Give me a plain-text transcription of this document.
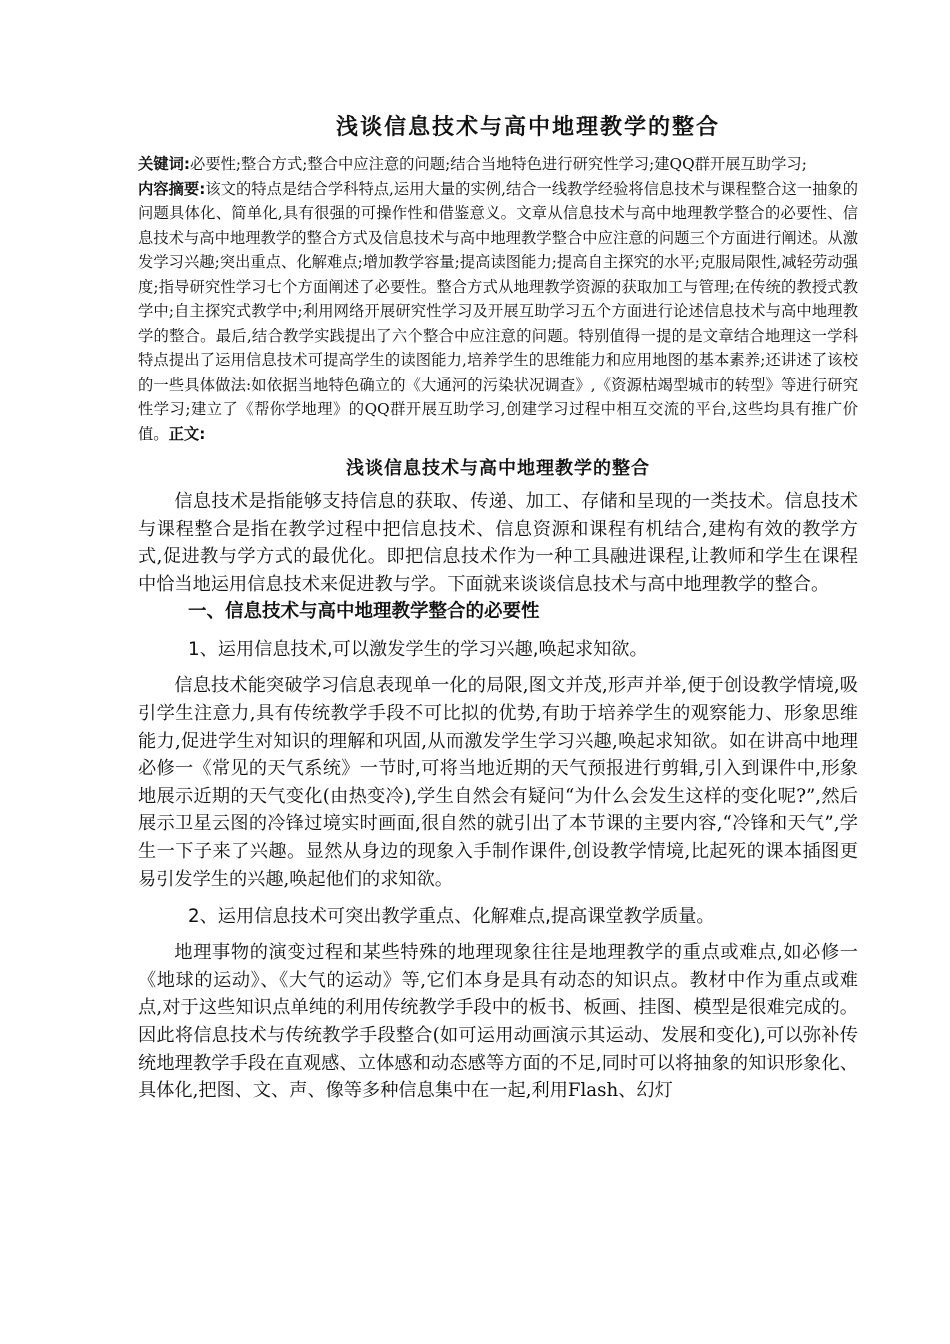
浅谈信息技术与高中地理教学的整合

关键词:必要性;整合方式;整合中应注意的问题;结合当地特色进行研究性学习;建QQ群开展互助学习;

内容摘要:该文的特点是结合学科特点,运用大量的实例,结合一线教学经验将信息技术与课程整合这一抽象的问题具体化、简单化,具有很强的可操作性和借鉴意义。文章从信息技术与高中地理教学整合的必要性、信息技术与高中地理教学的整合方式及信息技术与高中地理教学整合中应注意的问题三个方面进行阐述。从激发学习兴趣;突出重点、化解难点;增加教学容量;提高读图能力;提高自主探究的水平;克服局限性,减轻劳动强度;指导研究性学习七个方面阐述了必要性。整合方式从地理教学资源的获取加工与管理;在传统的教授式教学中;自主探究式教学中;利用网络开展研究性学习及开展互助学习五个方面进行论述信息技术与高中地理教学的整合。最后,结合教学实践提出了六个整合中应注意的问题。特别值得一提的是文章结合地理这一学科特点提出了运用信息技术可提高学生的读图能力,培养学生的思维能力和应用地图的基本素养;还讲述了该校的一些具体做法:如依据当地特色确立的《大通河的污染状况调查》,《资源枯竭型城市的转型》等进行研究性学习;建立了《帮你学地理》的QQ群开展互助学习,创建学习过程中相互交流的平台,这些均具有推广价值。正文:

浅谈信息技术与高中地理教学的整合

信息技术是指能够支持信息的获取、传递、加工、存储和呈现的一类技术。信息技术与课程整合是指在教学过程中把信息技术、信息资源和课程有机结合,建构有效的教学方式,促进教与学方式的最优化。即把信息技术作为一种工具融进课程,让教师和学生在课程中恰当地运用信息技术来促进教与学。下面就来谈谈信息技术与高中地理教学的整合。

一、信息技术与高中地理教学整合的必要性

1、运用信息技术,可以激发学生的学习兴趣,唤起求知欲。

信息技术能突破学习信息表现单一化的局限,图文并茂,形声并举,便于创设教学情境,吸引学生注意力,具有传统教学手段不可比拟的优势,有助于培养学生的观察能力、形象思维能力,促进学生对知识的理解和巩固,从而激发学生学习兴趣,唤起求知欲。如在讲高中地理必修一《常见的天气系统》一节时,可将当地近期的天气预报进行剪辑,引入到课件中,形象地展示近期的天气变化(由热变冷),学生自然会有疑问“为什么会发生这样的变化呢?”,然后展示卫星云图的冷锋过境实时画面,很自然的就引出了本节课的主要内容,“冷锋和天气”,学生一下子来了兴趣。显然从身边的现象入手制作课件,创设教学情境,比起死的课本插图更易引发学生的兴趣,唤起他们的求知欲。

2、运用信息技术可突出教学重点、化解难点,提高课堂教学质量。

地理事物的演变过程和某些特殊的地理现象往往是地理教学的重点或难点,如必修一《地球的运动》、《大气的运动》等,它们本身是具有动态的知识点。教材中作为重点或难点,对于这些知识点单纯的利用传统教学手段中的板书、板画、挂图、模型是很难完成的。因此将信息技术与传统教学手段整合(如可运用动画演示其运动、发展和变化),可以弥补传统地理教学手段在直观感、立体感和动态感等方面的不足,同时可以将抽象的知识形象化、具体化,把图、文、声、像等多种信息集中在一起,利用Flash、幻灯
